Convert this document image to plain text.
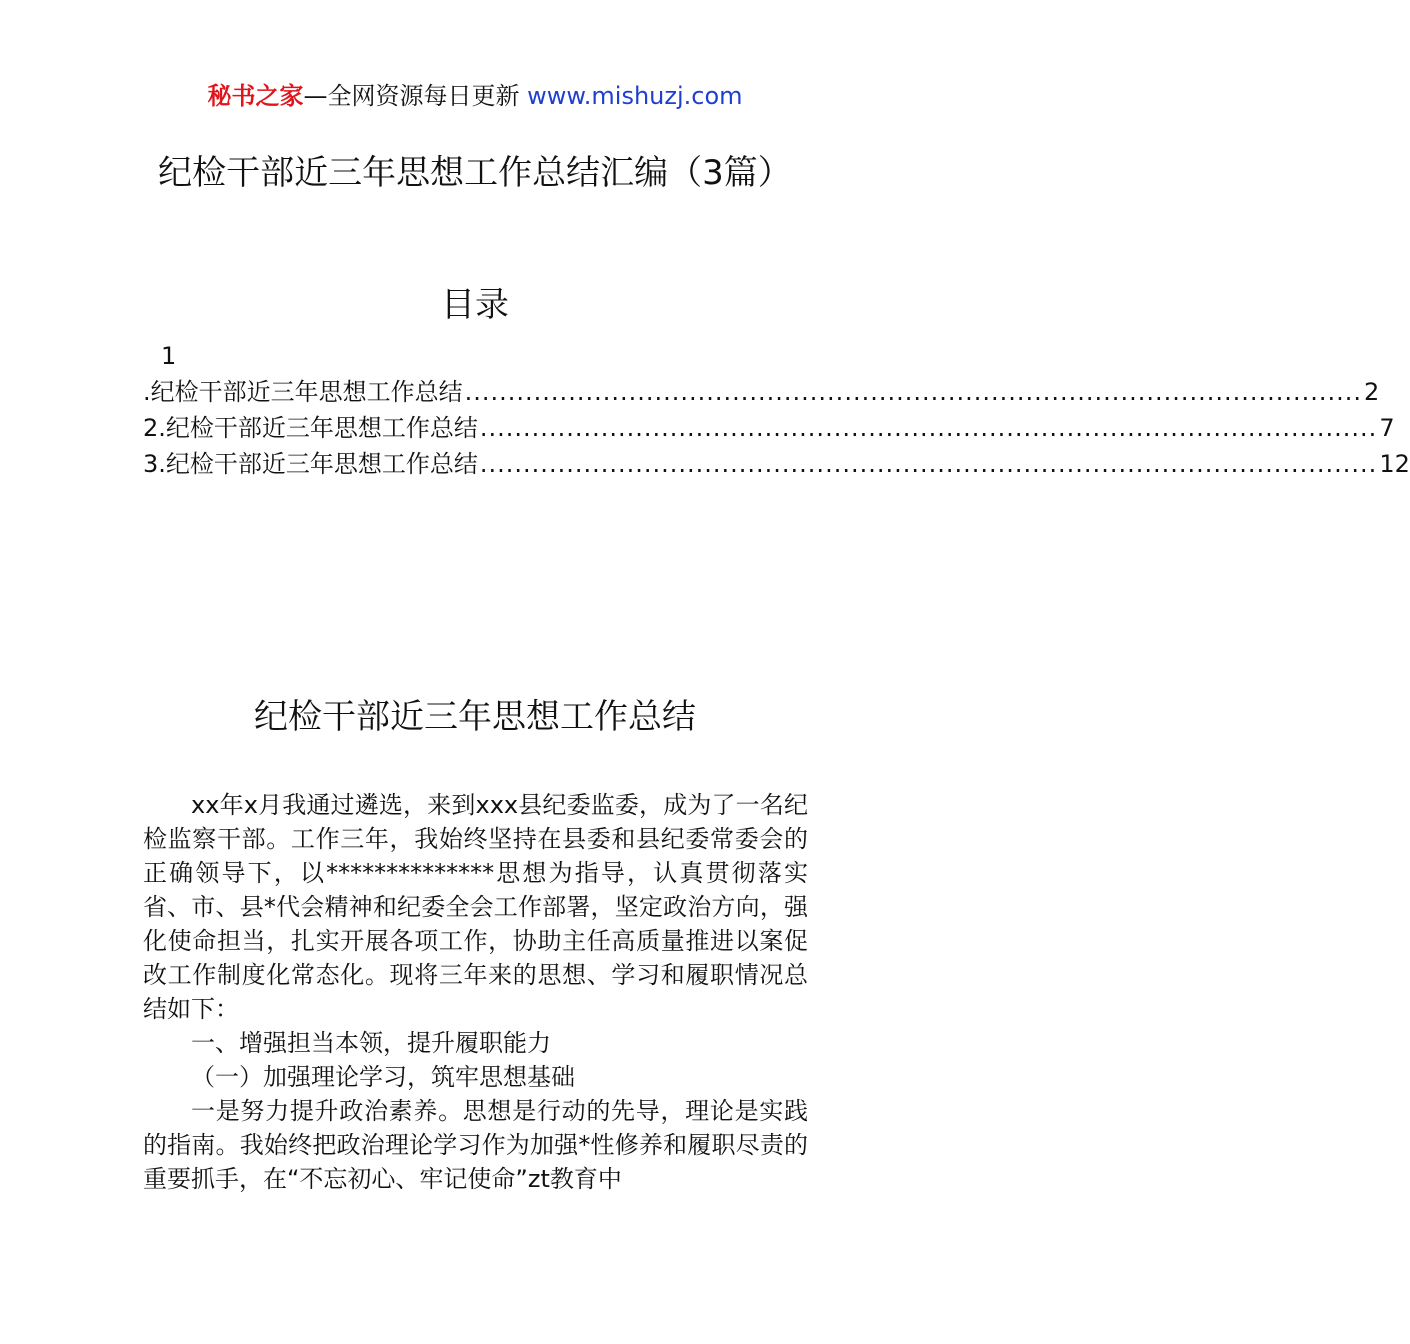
秘书之家—全网资源每日更新 www.mishuzj.com
纪检干部近三年思想工作总结汇编（3篇）
目录
1
.纪检干部近三年思想工作总结 ........................................................................................................ 2
2.纪检干部近三年思想工作总结 ........................................................................................................ 7
3.纪检干部近三年思想工作总结 ........................................................................................................ 12
纪检干部近三年思想工作总结

xx年x月我通过遴选，来到xxx县纪委监委，成为了一名纪检监察干部。工作三年，我始终坚持在县委和县纪委常委会的正确领导下，以**************思想为指导，认真贯彻落实省、市、县*代会精神和纪委全会工作部署，坚定政治方向，强化使命担当，扎实开展各项工作，协助主任高质量推进以案促改工作制度化常态化。现将三年来的思想、学习和履职情况总结如下：

一、增强担当本领，提升履职能力

（一）加强理论学习，筑牢思想基础

一是努力提升政治素养。思想是行动的先导，理论是实践的指南。我始终把政治理论学习作为加强*性修养和履职尽责的重要抓手，在“不忘初心、牢记使命”zt教育中
